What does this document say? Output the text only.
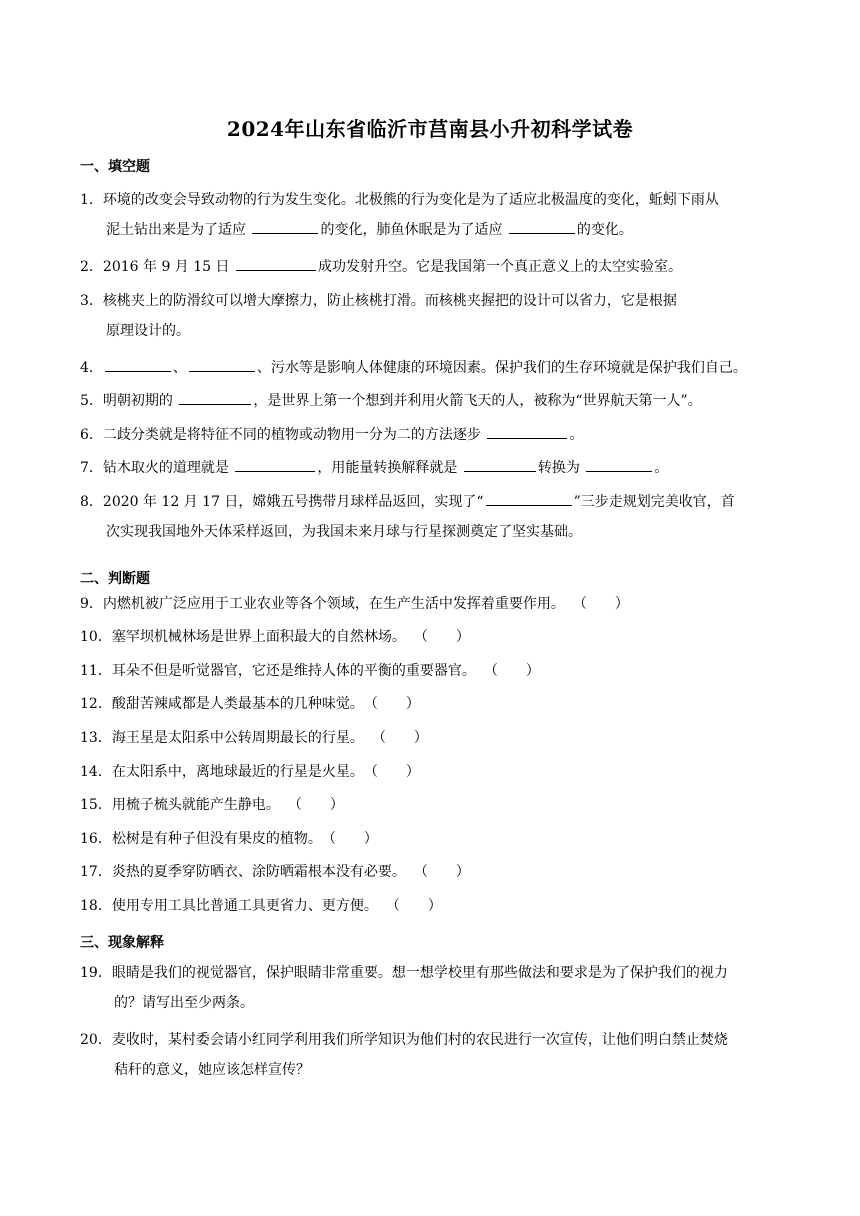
2024年山东省临沂市莒南县小升初科学试卷
一、填空题
1．环境的改变会导致动物的行为发生变化。北极熊的行为变化是为了适应北极温度的变化，蚯蚓下雨从
泥土钻出来是为了适应	的变化，肺鱼休眠是为了适应	的变化。
2．2016 年 9 月 15 日	成功发射升空。它是我国第一个真正意义上的太空实验室。
3．核桃夹上的防滑纹可以增大摩擦力，防止核桃打滑。而核桃夹握把的设计可以省力，它是根据
原理设计的。
4．	、	、污水等是影响人体健康的环境因素。保护我们的生存环境就是保护我们自己。
5．明朝初期的	，是世界上第一个想到并利用火箭飞天的人，被称为“世界航天第一人”。
6．二歧分类就是将特征不同的植物或动物用一分为二的方法逐步	。
7．钻木取火的道理就是	，用能量转换解释就是	转换为	。
8．2020 年 12 月 17 日，嫦娥五号携带月球样品返回，实现了“	”三步走规划完美收官，首
次实现我国地外天体采样返回，为我国未来月球与行星探测奠定了坚实基础。
二、判断题
9．内燃机被广泛应用于工业农业等各个领域，在生产生活中发挥着重要作用。 （　　）
10．塞罕坝机械林场是世界上面积最大的自然林场。 （　　）
11．耳朵不但是听觉器官，它还是维持人体的平衡的重要器官。 （　　）
12．酸甜苦辣咸都是人类最基本的几种味觉。（　　）
13．海王星是太阳系中公转周期最长的行星。 （　　）
14．在太阳系中，离地球最近的行星是火星。（　　）
15．用梳子梳头就能产生静电。 （　　）
16．松树是有种子但没有果皮的植物。（　　）
17．炎热的夏季穿防晒衣、涂防晒霜根本没有必要。 （　　）
18．使用专用工具比普通工具更省力、更方便。 （　　）
三、现象解释
19．眼睛是我们的视觉器官，保护眼睛非常重要。想一想学校里有那些做法和要求是为了保护我们的视力
的？请写出至少两条。
20．麦收时，某村委会请小红同学利用我们所学知识为他们村的农民进行一次宣传，让他们明白禁止焚烧
秸秆的意义，她应该怎样宣传？
